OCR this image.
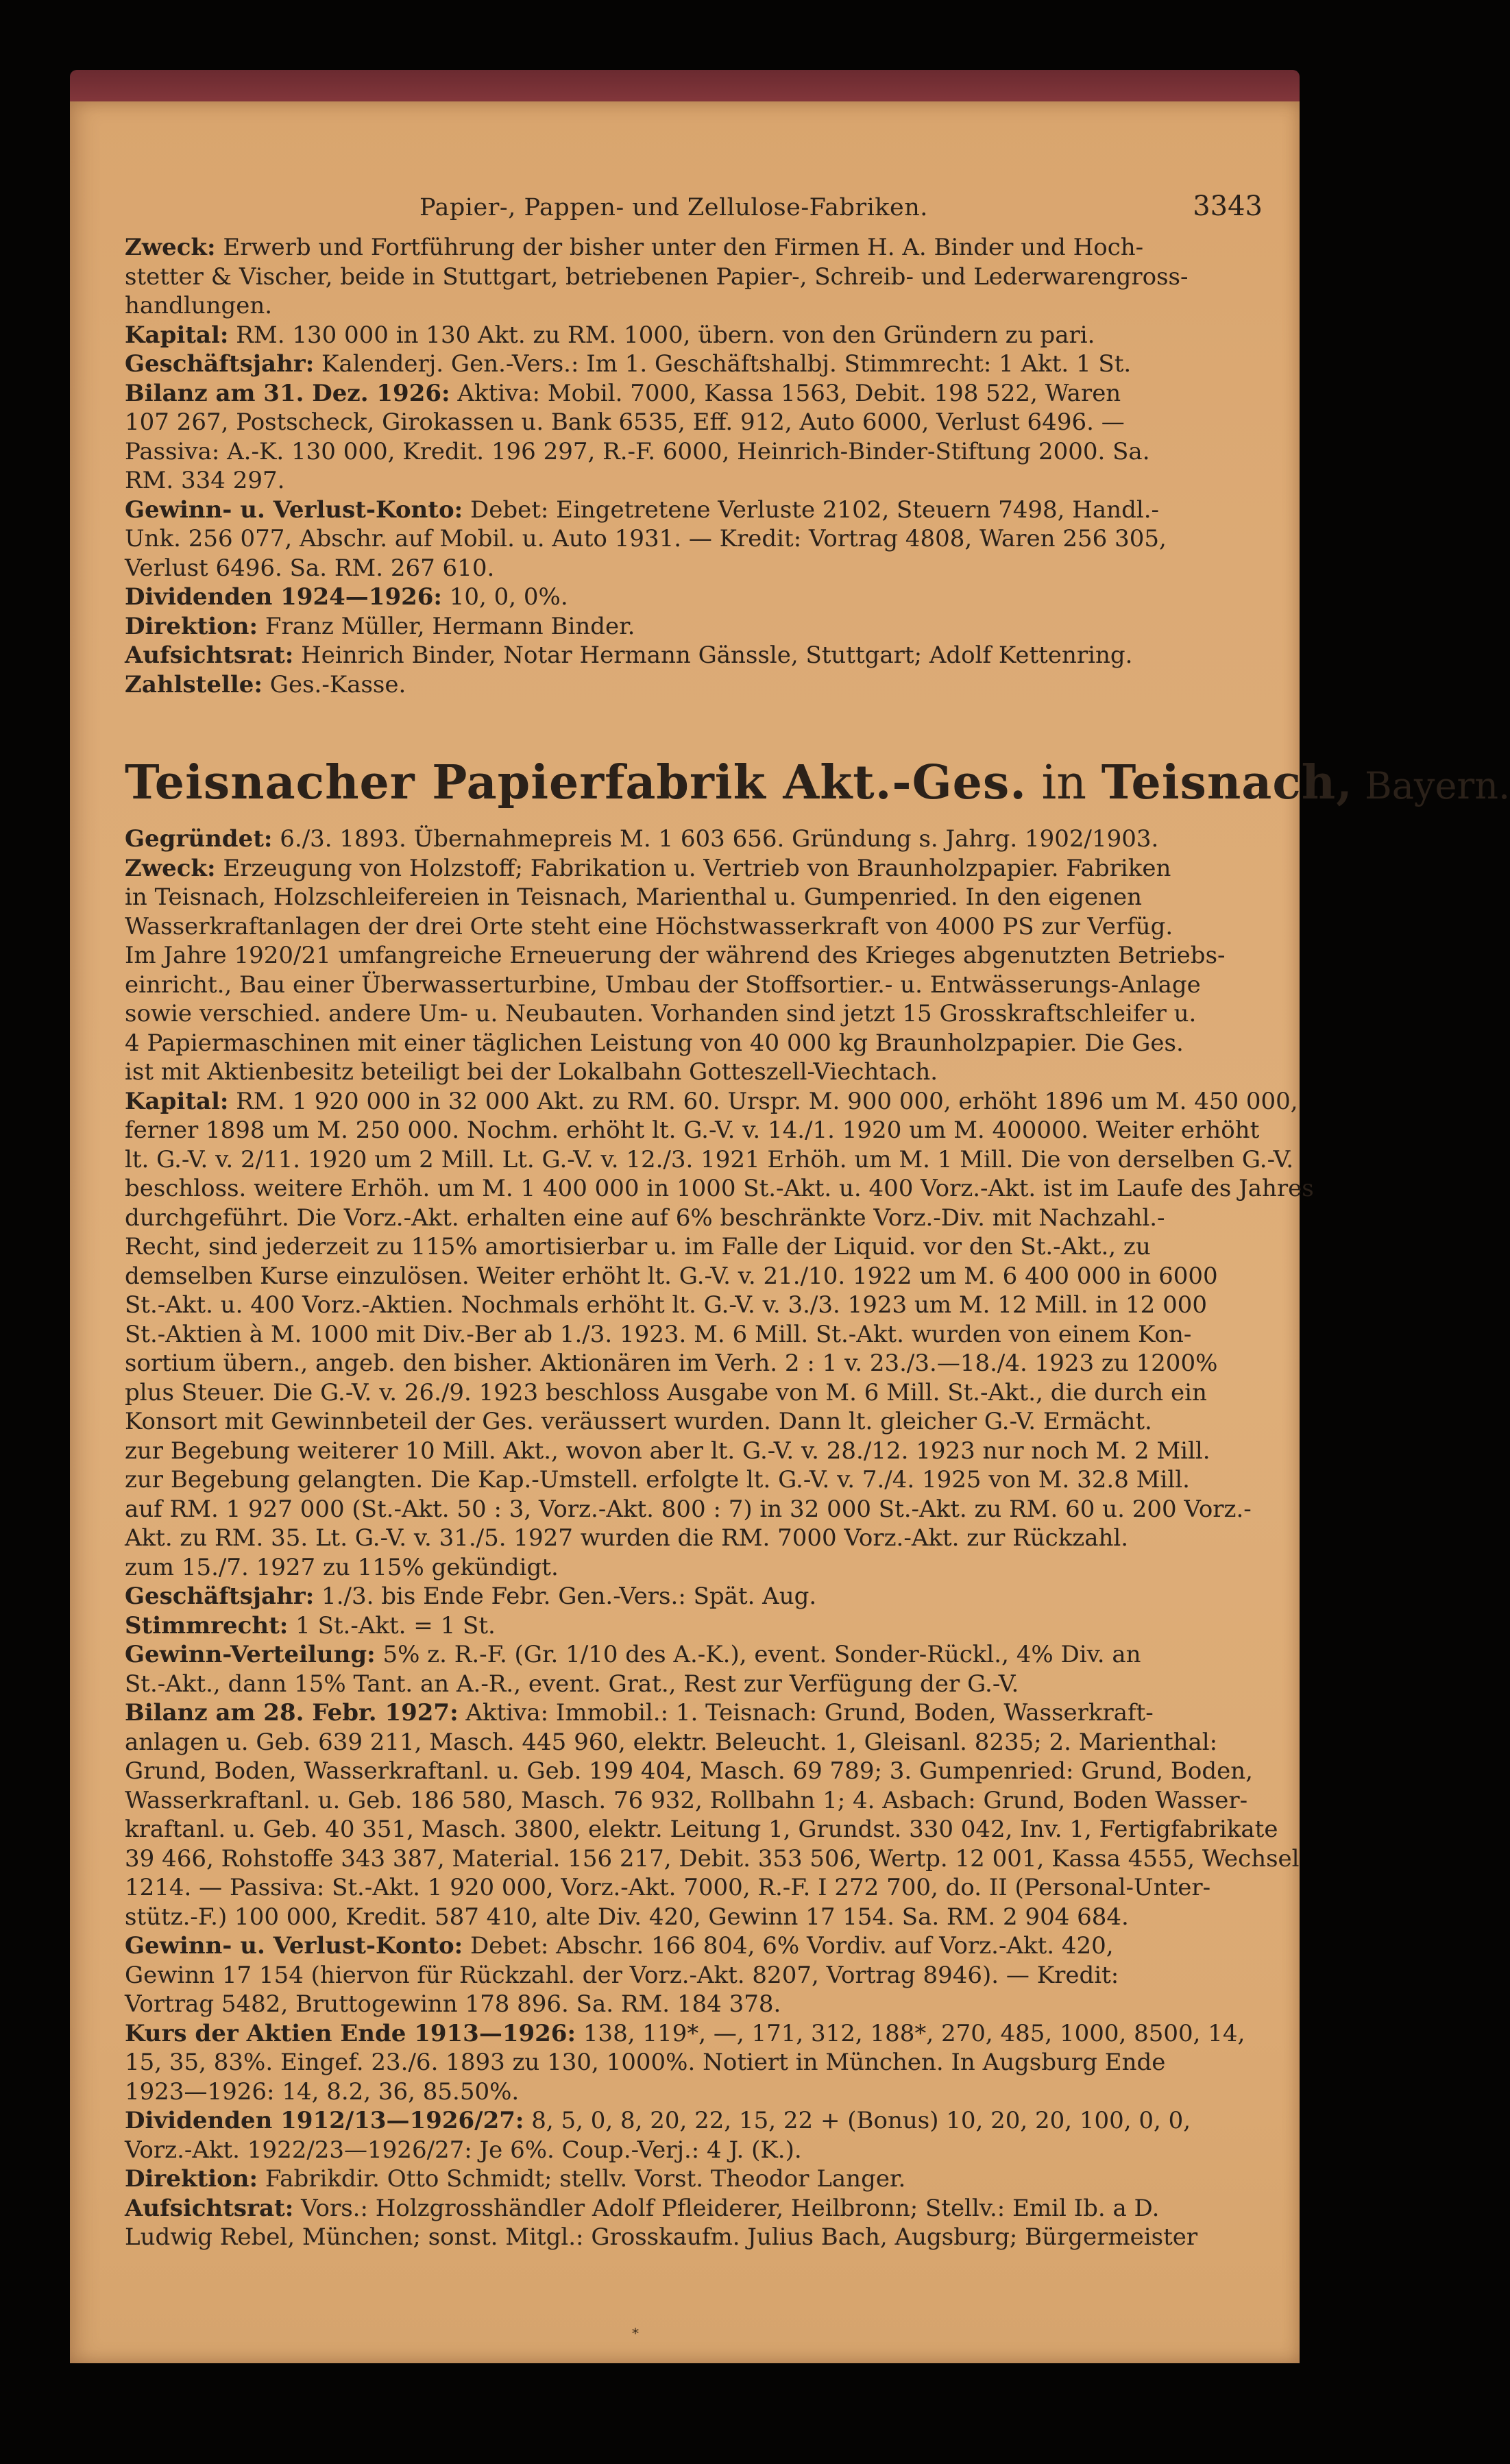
Papier-, Pappen- und Zellulose-Fabriken.	3343
Zweck: Erwerb und Fortführung der bisher unter den Firmen H. A. Binder und Hoch-
stetter & Vischer, beide in Stuttgart, betriebenen Papier-, Schreib- und Lederwarengross-
handlungen.
Kapital: RM. 130 000 in 130 Akt. zu RM. 1000, übern. von den Gründern zu pari.
Geschäftsjahr: Kalenderj. Gen.-Vers.: Im 1. Geschäftshalbj. Stimmrecht: 1 Akt. 1 St.
Bilanz am 31. Dez. 1926: Aktiva: Mobil. 7000, Kassa 1563, Debit. 198 522, Waren
107 267, Postscheck, Girokassen u. Bank 6535, Eff. 912, Auto 6000, Verlust 6496. —
Passiva: A.-K. 130 000, Kredit. 196 297, R.-F. 6000, Heinrich-Binder-Stiftung 2000. Sa.
RM. 334 297.
Gewinn- u. Verlust-Konto: Debet: Eingetretene Verluste 2102, Steuern 7498, Handl.-
Unk. 256 077, Abschr. auf Mobil. u. Auto 1931. — Kredit: Vortrag 4808, Waren 256 305,
Verlust 6496. Sa. RM. 267 610.
Dividenden 1924—1926: 10, 0, 0%.
Direktion: Franz Müller, Hermann Binder.
Aufsichtsrat: Heinrich Binder, Notar Hermann Gänssle, Stuttgart; Adolf Kettenring.
Zahlstelle: Ges.-Kasse.
Teisnacher Papierfabrik Akt.-Ges. in Teisnach, Bayern.
Gegründet: 6./3. 1893. Übernahmepreis M. 1 603 656. Gründung s. Jahrg. 1902/1903.
Zweck: Erzeugung von Holzstoff; Fabrikation u. Vertrieb von Braunholzpapier. Fabriken
in Teisnach, Holzschleifereien in Teisnach, Marienthal u. Gumpenried. In den eigenen
Wasserkraftanlagen der drei Orte steht eine Höchstwasserkraft von 4000 PS zur Verfüg.
Im Jahre 1920/21 umfangreiche Erneuerung der während des Krieges abgenutzten Betriebs-
einricht., Bau einer Überwasserturbine, Umbau der Stoffsortier.- u. Entwässerungs-Anlage
sowie verschied. andere Um- u. Neubauten. Vorhanden sind jetzt 15 Grosskraftschleifer u.
4 Papiermaschinen mit einer täglichen Leistung von 40 000 kg Braunholzpapier. Die Ges.
ist mit Aktienbesitz beteiligt bei der Lokalbahn Gotteszell-Viechtach.
Kapital: RM. 1 920 000 in 32 000 Akt. zu RM. 60. Urspr. M. 900 000, erhöht 1896 um M. 450 000,
ferner 1898 um M. 250 000. Nochm. erhöht lt. G.-V. v. 14./1. 1920 um M. 400000. Weiter erhöht
lt. G.-V. v. 2/11. 1920 um 2 Mill. Lt. G.-V. v. 12./3. 1921 Erhöh. um M. 1 Mill. Die von derselben G.-V.
beschloss. weitere Erhöh. um M. 1 400 000 in 1000 St.-Akt. u. 400 Vorz.-Akt. ist im Laufe des Jahres
durchgeführt. Die Vorz.-Akt. erhalten eine auf 6% beschränkte Vorz.-Div. mit Nachzahl.-
Recht, sind jederzeit zu 115% amortisierbar u. im Falle der Liquid. vor den St.-Akt., zu
demselben Kurse einzulösen. Weiter erhöht lt. G.-V. v. 21./10. 1922 um M. 6 400 000 in 6000
St.-Akt. u. 400 Vorz.-Aktien. Nochmals erhöht lt. G.-V. v. 3./3. 1923 um M. 12 Mill. in 12 000
St.-Aktien à M. 1000 mit Div.-Ber ab 1./3. 1923. M. 6 Mill. St.-Akt. wurden von einem Kon-
sortium übern., angeb. den bisher. Aktionären im Verh. 2 : 1 v. 23./3.—18./4. 1923 zu 1200%
plus Steuer. Die G.-V. v. 26./9. 1923 beschloss Ausgabe von M. 6 Mill. St.-Akt., die durch ein
Konsort mit Gewinnbeteil der Ges. veräussert wurden. Dann lt. gleicher G.-V. Ermächt.
zur Begebung weiterer 10 Mill. Akt., wovon aber lt. G.-V. v. 28./12. 1923 nur noch M. 2 Mill.
zur Begebung gelangten. Die Kap.-Umstell. erfolgte lt. G.-V. v. 7./4. 1925 von M. 32.8 Mill.
auf RM. 1 927 000 (St.-Akt. 50 : 3, Vorz.-Akt. 800 : 7) in 32 000 St.-Akt. zu RM. 60 u. 200 Vorz.-
Akt. zu RM. 35. Lt. G.-V. v. 31./5. 1927 wurden die RM. 7000 Vorz.-Akt. zur Rückzahl.
zum 15./7. 1927 zu 115% gekündigt.
Geschäftsjahr: 1./3. bis Ende Febr. Gen.-Vers.: Spät. Aug.
Stimmrecht: 1 St.-Akt. = 1 St.
Gewinn-Verteilung: 5% z. R.-F. (Gr. 1/10 des A.-K.), event. Sonder-Rückl., 4% Div. an
St.-Akt., dann 15% Tant. an A.-R., event. Grat., Rest zur Verfügung der G.-V.
Bilanz am 28. Febr. 1927: Aktiva: Immobil.: 1. Teisnach: Grund, Boden, Wasserkraft-
anlagen u. Geb. 639 211, Masch. 445 960, elektr. Beleucht. 1, Gleisanl. 8235; 2. Marienthal:
Grund, Boden, Wasserkraftanl. u. Geb. 199 404, Masch. 69 789; 3. Gumpenried: Grund, Boden,
Wasserkraftanl. u. Geb. 186 580, Masch. 76 932, Rollbahn 1; 4. Asbach: Grund, Boden Wasser-
kraftanl. u. Geb. 40 351, Masch. 3800, elektr. Leitung 1, Grundst. 330 042, Inv. 1, Fertigfabrikate
39 466, Rohstoffe 343 387, Material. 156 217, Debit. 353 506, Wertp. 12 001, Kassa 4555, Wechsel
1214. — Passiva: St.-Akt. 1 920 000, Vorz.-Akt. 7000, R.-F. I 272 700, do. II (Personal-Unter-
stütz.-F.) 100 000, Kredit. 587 410, alte Div. 420, Gewinn 17 154. Sa. RM. 2 904 684.
Gewinn- u. Verlust-Konto: Debet: Abschr. 166 804, 6% Vordiv. auf Vorz.-Akt. 420,
Gewinn 17 154 (hiervon für Rückzahl. der Vorz.-Akt. 8207, Vortrag 8946). — Kredit:
Vortrag 5482, Bruttogewinn 178 896. Sa. RM. 184 378.
Kurs der Aktien Ende 1913—1926: 138, 119*, —, 171, 312, 188*, 270, 485, 1000, 8500, 14,
15, 35, 83%. Eingef. 23./6. 1893 zu 130, 1000%. Notiert in München. In Augsburg Ende
1923—1926: 14, 8.2, 36, 85.50%.
Dividenden 1912/13—1926/27: 8, 5, 0, 8, 20, 22, 15, 22 + (Bonus) 10, 20, 20, 100, 0, 0,
Vorz.-Akt. 1922/23—1926/27: Je 6%. Coup.-Verj.: 4 J. (K.).
Direktion: Fabrikdir. Otto Schmidt; stellv. Vorst. Theodor Langer.
Aufsichtsrat: Vors.: Holzgrosshändler Adolf Pfleiderer, Heilbronn; Stellv.: Emil Ib. a D.
Ludwig Rebel, München; sonst. Mitgl.: Grosskaufm. Julius Bach, Augsburg; Bürgermeister
*
